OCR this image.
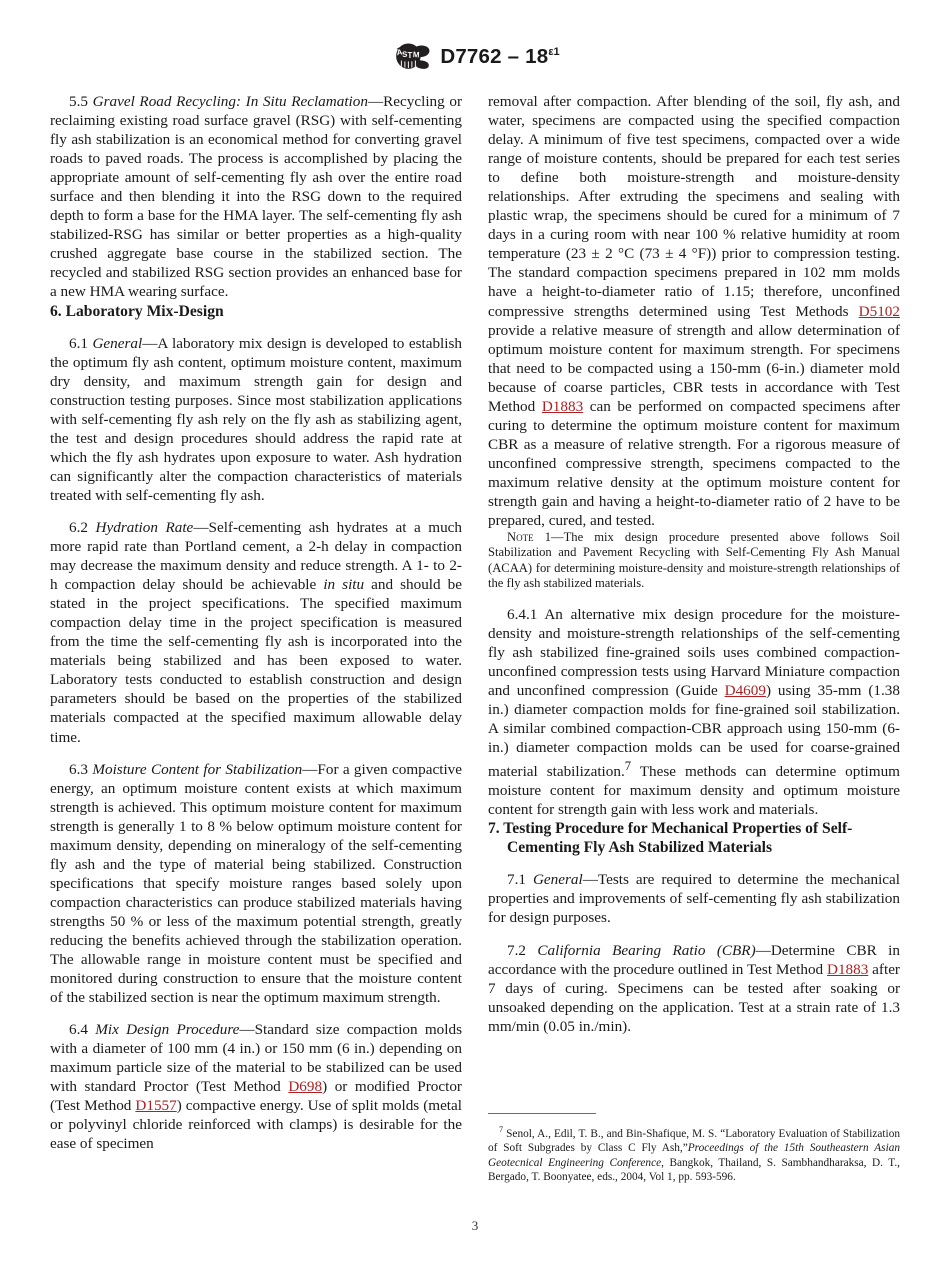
A
S T M $D7762 - 18^{\varepsilon 1}$

5.5 Gravel Road Recycling: In Situ Reclamation—Recycling or reclaiming existing road surface gravel (RSG) with self-cementing fly ash stabilization is an economical method for converting gravel roads to paved roads. The process is accomplished by placing the appropriate amount of self-cementing fly ash over the entire road surface and then blending it into the RSG down to the required depth to form a base for the HMA layer. The self-cementing fly ash stabilized-RSG has similar or better properties as a high-quality crushed aggregate base course in the stabilized section. The recycled and stabilized RSG section provides an enhanced base for a new HMA wearing surface.

6. Laboratory Mix-Design

6.1 General—A laboratory mix design is developed to establish the optimum fly ash content, optimum moisture content, maximum dry density, and maximum strength gain for design and construction testing purposes. Since most stabilization applications with self-cementing fly ash rely on the fly ash as stabilizing agent, the test and design procedures should address the rapid rate at which the fly ash hydrates upon exposure to water. Ash hydration can significantly alter the compaction characteristics of materials treated with self-cementing fly ash.

6.2 Hydration Rate—Self-cementing ash hydrates at a much more rapid rate than Portland cement, a 2-h delay in compaction may decrease the maximum density and reduce strength. A 1- to 2-h compaction delay should be achievable in situ and should be stated in the project specifications. The specified maximum compaction delay time in the project specification is measured from the time the self-cementing fly ash is incorporated into the materials being stabilized and has been exposed to water. Laboratory tests conducted to establish construction and design parameters should be based on the properties of the stabilized materials compacted at the specified maximum allowable delay time.

6.3 Moisture Content for Stabilization—For a given compactive energy, an optimum moisture content exists at which maximum strength is achieved. This optimum moisture content for maximum strength is generally 1 to 8 % below optimum moisture content for maximum density, depending on mineralogy of the self-cementing fly ash and the type of material being stabilized. Construction specifications that specify moisture ranges based solely upon compaction characteristics can produce stabilized materials having strengths 50 % or less of the maximum potential strength, greatly reducing the benefits achieved through the stabilization operation. The allowable range in moisture content must be specified and monitored during construction to ensure that the moisture content of the stabilized section is near the optimum maximum strength.

6.4 Mix Design Procedure—Standard size compaction molds with a diameter of 100 mm (4 in.) or 150 mm (6 in.) depending on maximum particle size of the material to be stabilized can be used with standard Proctor (Test Method D698) or modified Proctor (Test Method D1557) compactive energy. Use of split molds (metal or polyvinyl chloride reinforced with clamps) is desirable for the ease of specimen

removal after compaction. After blending of the soil, fly ash, and water, specimens are compacted using the specified compaction delay. A minimum of five test specimens, compacted over a wide range of moisture contents, should be prepared for each test series to define both moisture-strength and moisture-density relationships. After extruding the specimens and sealing with plastic wrap, the specimens should be cured for a minimum of 7 days in a curing room with near 100 % relative humidity at room temperature (23 ± 2 °C (73 ± 4 °F)) prior to compression testing. The standard compaction specimens prepared in 102 mm molds have a height-to-diameter ratio of 1.15; therefore, unconfined compressive strengths determined using Test Methods D5102 provide a relative measure of strength and allow determination of optimum moisture content for maximum strength. For specimens that need to be compacted using a 150-mm (6-in.) diameter mold because of coarse particles, CBR tests in accordance with Test Method D1883 can be performed on compacted specimens after curing to determine the optimum moisture content for maximum CBR as a measure of relative strength. For a rigorous measure of unconfined compressive strength, specimens compacted to the maximum relative density at the optimum moisture content for strength gain and having a height-to-diameter ratio of 2 have to be prepared, cured, and tested.

Note 1—The mix design procedure presented above follows Soil Stabilization and Pavement Recycling with Self-Cementing Fly Ash Manual (ACAA) for determining moisture-density and moisture-strength relationships of the fly ash stabilized materials.

6.4.1 An alternative mix design procedure for the moisture-density and moisture-strength relationships of the self-cementing fly ash stabilized fine-grained soils uses combined compaction-unconfined compression tests using Harvard Miniature compaction and unconfined compression (Guide D4609) using 35-mm (1.38 in.) diameter compaction molds for fine-grained soil stabilization. A similar combined compaction-CBR approach using 150-mm (6-in.) diameter compaction molds can be used for coarse-grained material stabilization.$^7$ These methods can determine optimum moisture content for maximum density and optimum moisture content for strength gain with less work and materials.

7. Testing Procedure for Mechanical Properties of Self-
Cementing Fly Ash Stabilized Materials

7.1 General—Tests are required to determine the mechanical properties and improvements of self-cementing fly ash stabilization for design purposes.

7.2 California Bearing Ratio (CBR)—Determine CBR in accordance with the procedure outlined in Test Method D1883 after 7 days of curing. Specimens can be tested after soaking or unsoaked depending on the application. Test at a strain rate of 1.3 mm/min (0.05 in./min).

$^7$ Senol, A., Edil, T. B., and Bin-Shafique, M. S. “Laboratory Evaluation of Stabilization of Soft Subgrades by Class C Fly Ash,”Proceedings of the 15th Southeastern Asian Geotecnical Engineering Conference, Bangkok, Thailand, S. Sambhandharaksa, D. T., Bergado, T. Boonyatee, eds., 2004, Vol 1, pp. 593-596.

3
